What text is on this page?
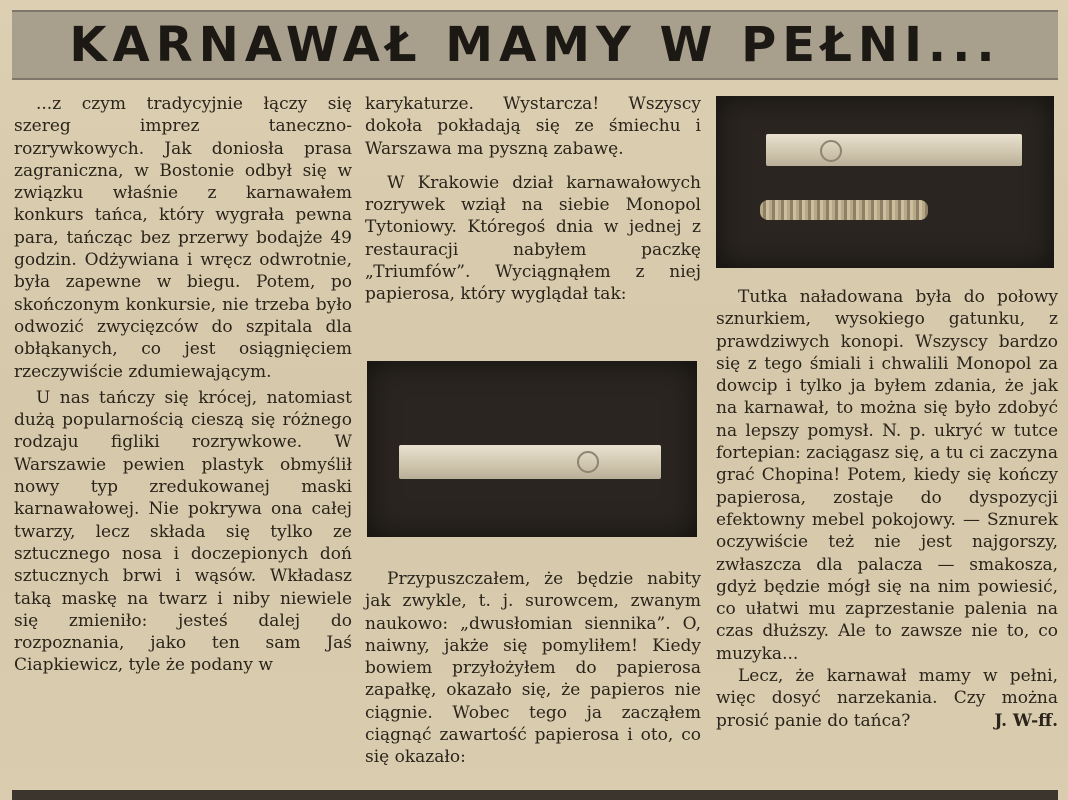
KARNAWAŁ MAMY W PEŁNI...

...z czym tradycyjnie łączy się szereg imprez taneczno-rozrywkowych. Jak doniosła prasa zagraniczna, w Bostonie odbył się w związku właśnie z karnawałem konkurs tańca, który wygrała pewna para, tańcząc bez przerwy bodajże 49 godzin. Odżywiana i wręcz odwrotnie, była zapewne w biegu. Potem, po skończonym konkursie, nie trzeba było odwozić zwycięzców do szpitala dla obłąkanych, co jest osiągnięciem rzeczywiście zdumiewającym.

U nas tańczy się krócej, natomiast dużą popularnością cieszą się różnego rodzaju figliki rozrywkowe. W Warszawie pewien plastyk obmyślił nowy typ zredukowanej maski karnawałowej. Nie pokrywa ona całej twarzy, lecz składa się tylko ze sztucznego nosa i doczepionych doń sztucznych brwi i wąsów. Wkładasz taką maskę na twarz i niby niewiele się zmieniło: jesteś dalej do rozpoznania, jako ten sam Jaś Ciapkiewicz, tyle że podany w

karykaturze. Wystarcza! Wszyscy dokoła pokładają się ze śmiechu i Warszawa ma pyszną zabawę.

W Krakowie dział karnawałowych rozrywek wziął na siebie Monopol Tytoniowy. Któregoś dnia w jednej z restauracji nabyłem paczkę „Triumfów”. Wyciągnąłem z niej papierosa, który wyglądał tak:

Przypuszczałem, że będzie nabity jak zwykle, t. j. surowcem, zwanym naukowo: „dwusłomian siennika”. O, naiwny, jakże się pomyliłem! Kiedy bowiem przyłożyłem do papierosa zapałkę, okazało się, że papieros nie ciągnie. Wobec tego ja zacząłem ciągnąć zawartość papierosa i oto, co się okazało:

Tutka naładowana była do połowy sznurkiem, wysokiego gatunku, z prawdziwych konopi. Wszyscy bardzo się z tego śmiali i chwalili Monopol za dowcip i tylko ja byłem zdania, że jak na karnawał, to można się było zdobyć na lepszy pomysł. N. p. ukryć w tutce fortepian: zaciągasz się, a tu ci zaczyna grać Chopina! Potem, kiedy się kończy papierosa, zostaje do dyspozycji efektowny mebel pokojowy. — Sznurek oczywiście też nie jest najgorszy, zwłaszcza dla palacza — smakosza, gdyż będzie mógł się na nim powiesić, co ułatwi mu zaprzestanie palenia na czas dłuższy. Ale to zawsze nie to, co muzyka...

Lecz, że karnawał mamy w pełni, więc dosyć narzekania. Czy można prosić panie do tańca?	J. W-ff.
